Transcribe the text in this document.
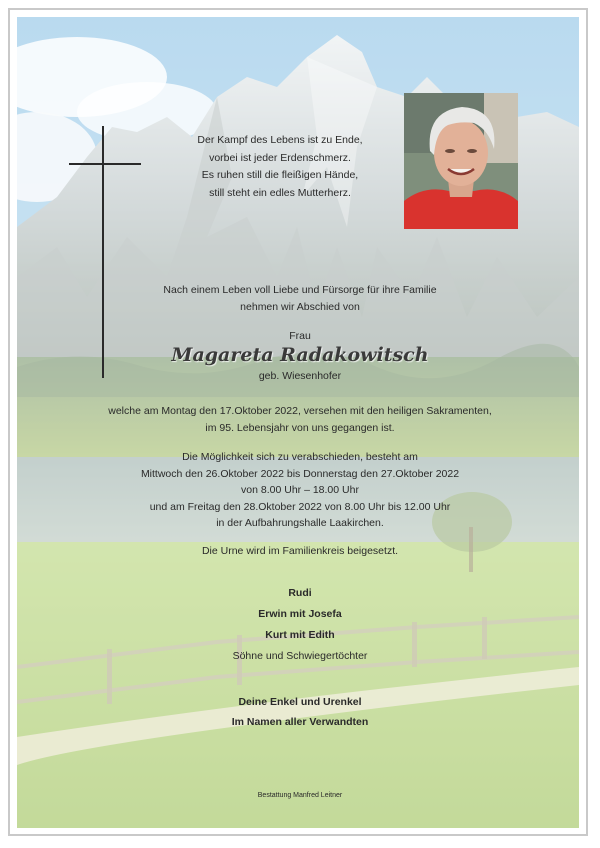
Der Kampf des Lebens ist zu Ende,
vorbei ist jeder Erdenschmerz.
Es ruhen still die fleißigen Hände,
still steht ein edles Mutterherz.
Nach einem Leben voll Liebe und Fürsorge für ihre Familie
nehmen wir Abschied von
Frau
Magareta Radakowitsch
geb. Wiesenhofer
welche am Montag den 17.Oktober 2022, versehen mit den heiligen Sakramenten,
im 95. Lebensjahr von uns gegangen ist.
Die Möglichkeit sich zu verabschieden, besteht am
Mittwoch den 26.Oktober 2022 bis Donnerstag den 27.Oktober 2022
von 8.00 Uhr – 18.00 Uhr
und am Freitag den 28.Oktober 2022 von 8.00 Uhr bis 12.00 Uhr
in der Aufbahrungshalle Laakirchen.
Die Urne wird im Familienkreis beigesetzt.
Rudi
Erwin mit Josefa
Kurt mit Edith
Söhne und Schwiegertöchter
Deine Enkel und Urenkel
Im Namen aller Verwandten
Bestattung Manfred Leitner
